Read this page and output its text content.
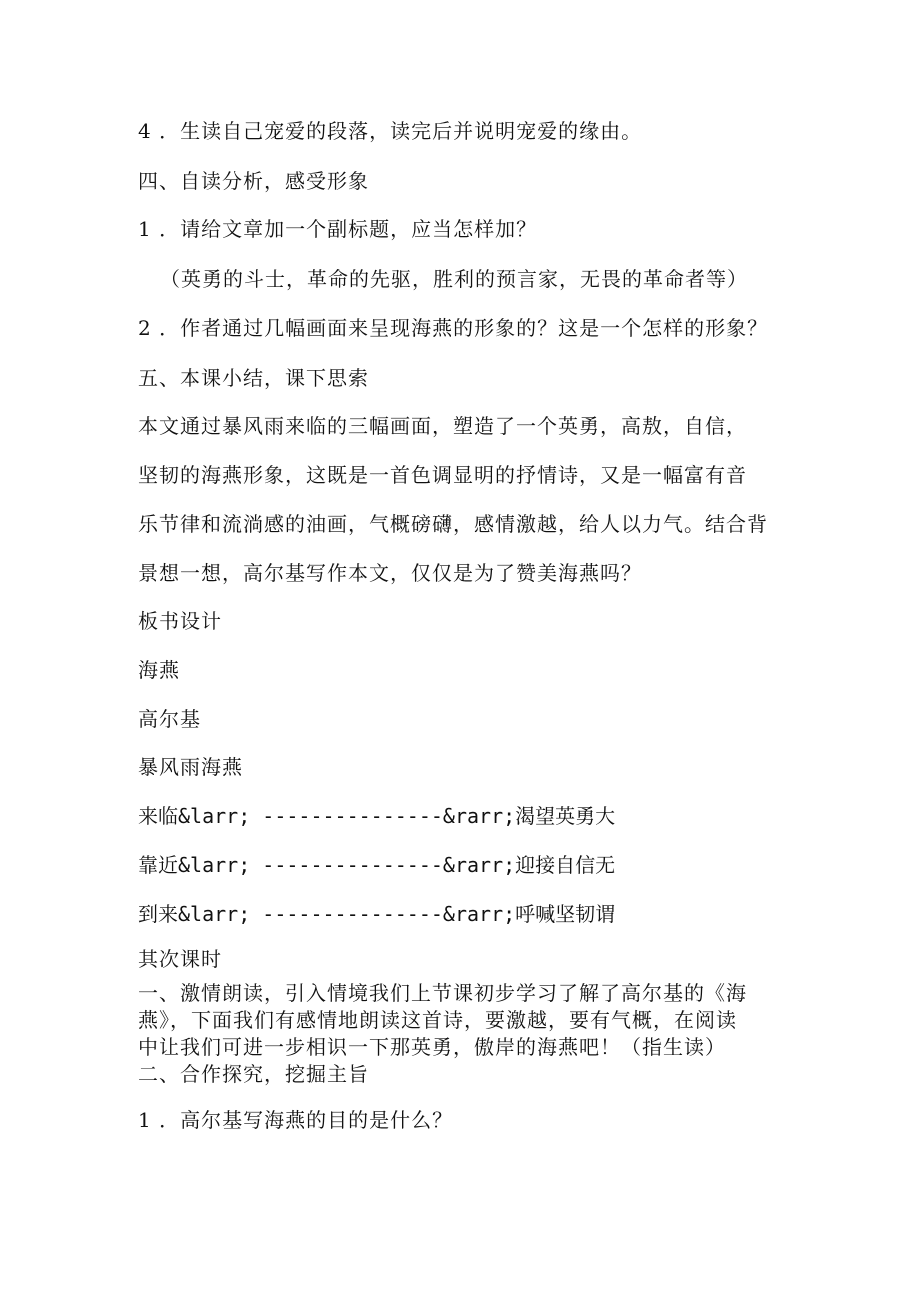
4 ．生读自己宠爱的段落，读完后并说明宠爱的缘由。
四、自读分析，感受形象
1 ．请给文章加一个副标题，应当怎样加？
（英勇的斗士，革命的先驱，胜利的预言家，无畏的革命者等）
2 ．作者通过几幅画面来呈现海燕的形象的？这是一个怎样的形象？
五、本课小结，课下思索
本文通过暴风雨来临的三幅画面，塑造了一个英勇，高敖，自信，
坚韧的海燕形象，这既是一首色调显明的抒情诗，又是一幅富有音
乐节律和流淌感的油画，气概磅礴，感情激越，给人以力气。结合背
景想一想，高尔基写作本文，仅仅是为了赞美海燕吗？
板书设计
海燕
高尔基
暴风雨海燕
来临&larr; ---------------&rarr;渴望英勇大
靠近&larr; ---------------&rarr;迎接自信无
到来&larr; ---------------&rarr;呼喊坚韧谓
其次课时
一、激情朗读，引入情境我们上节课初步学习了解了高尔基的《海
燕》，下面我们有感情地朗读这首诗，要激越，要有气概，在阅读
中让我们可进一步相识一下那英勇，傲岸的海燕吧！（指生读）
二、合作探究，挖掘主旨
1 ．高尔基写海燕的目的是什么？
